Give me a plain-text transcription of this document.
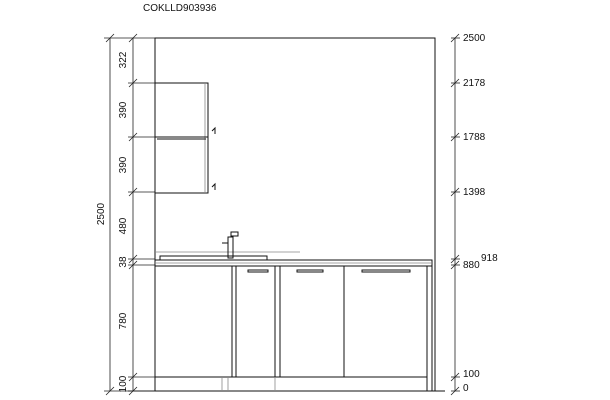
COKLLD903936
322
390
390
480
38
780
100
2500
2500
2178
1788
1398
880
918
100
0
